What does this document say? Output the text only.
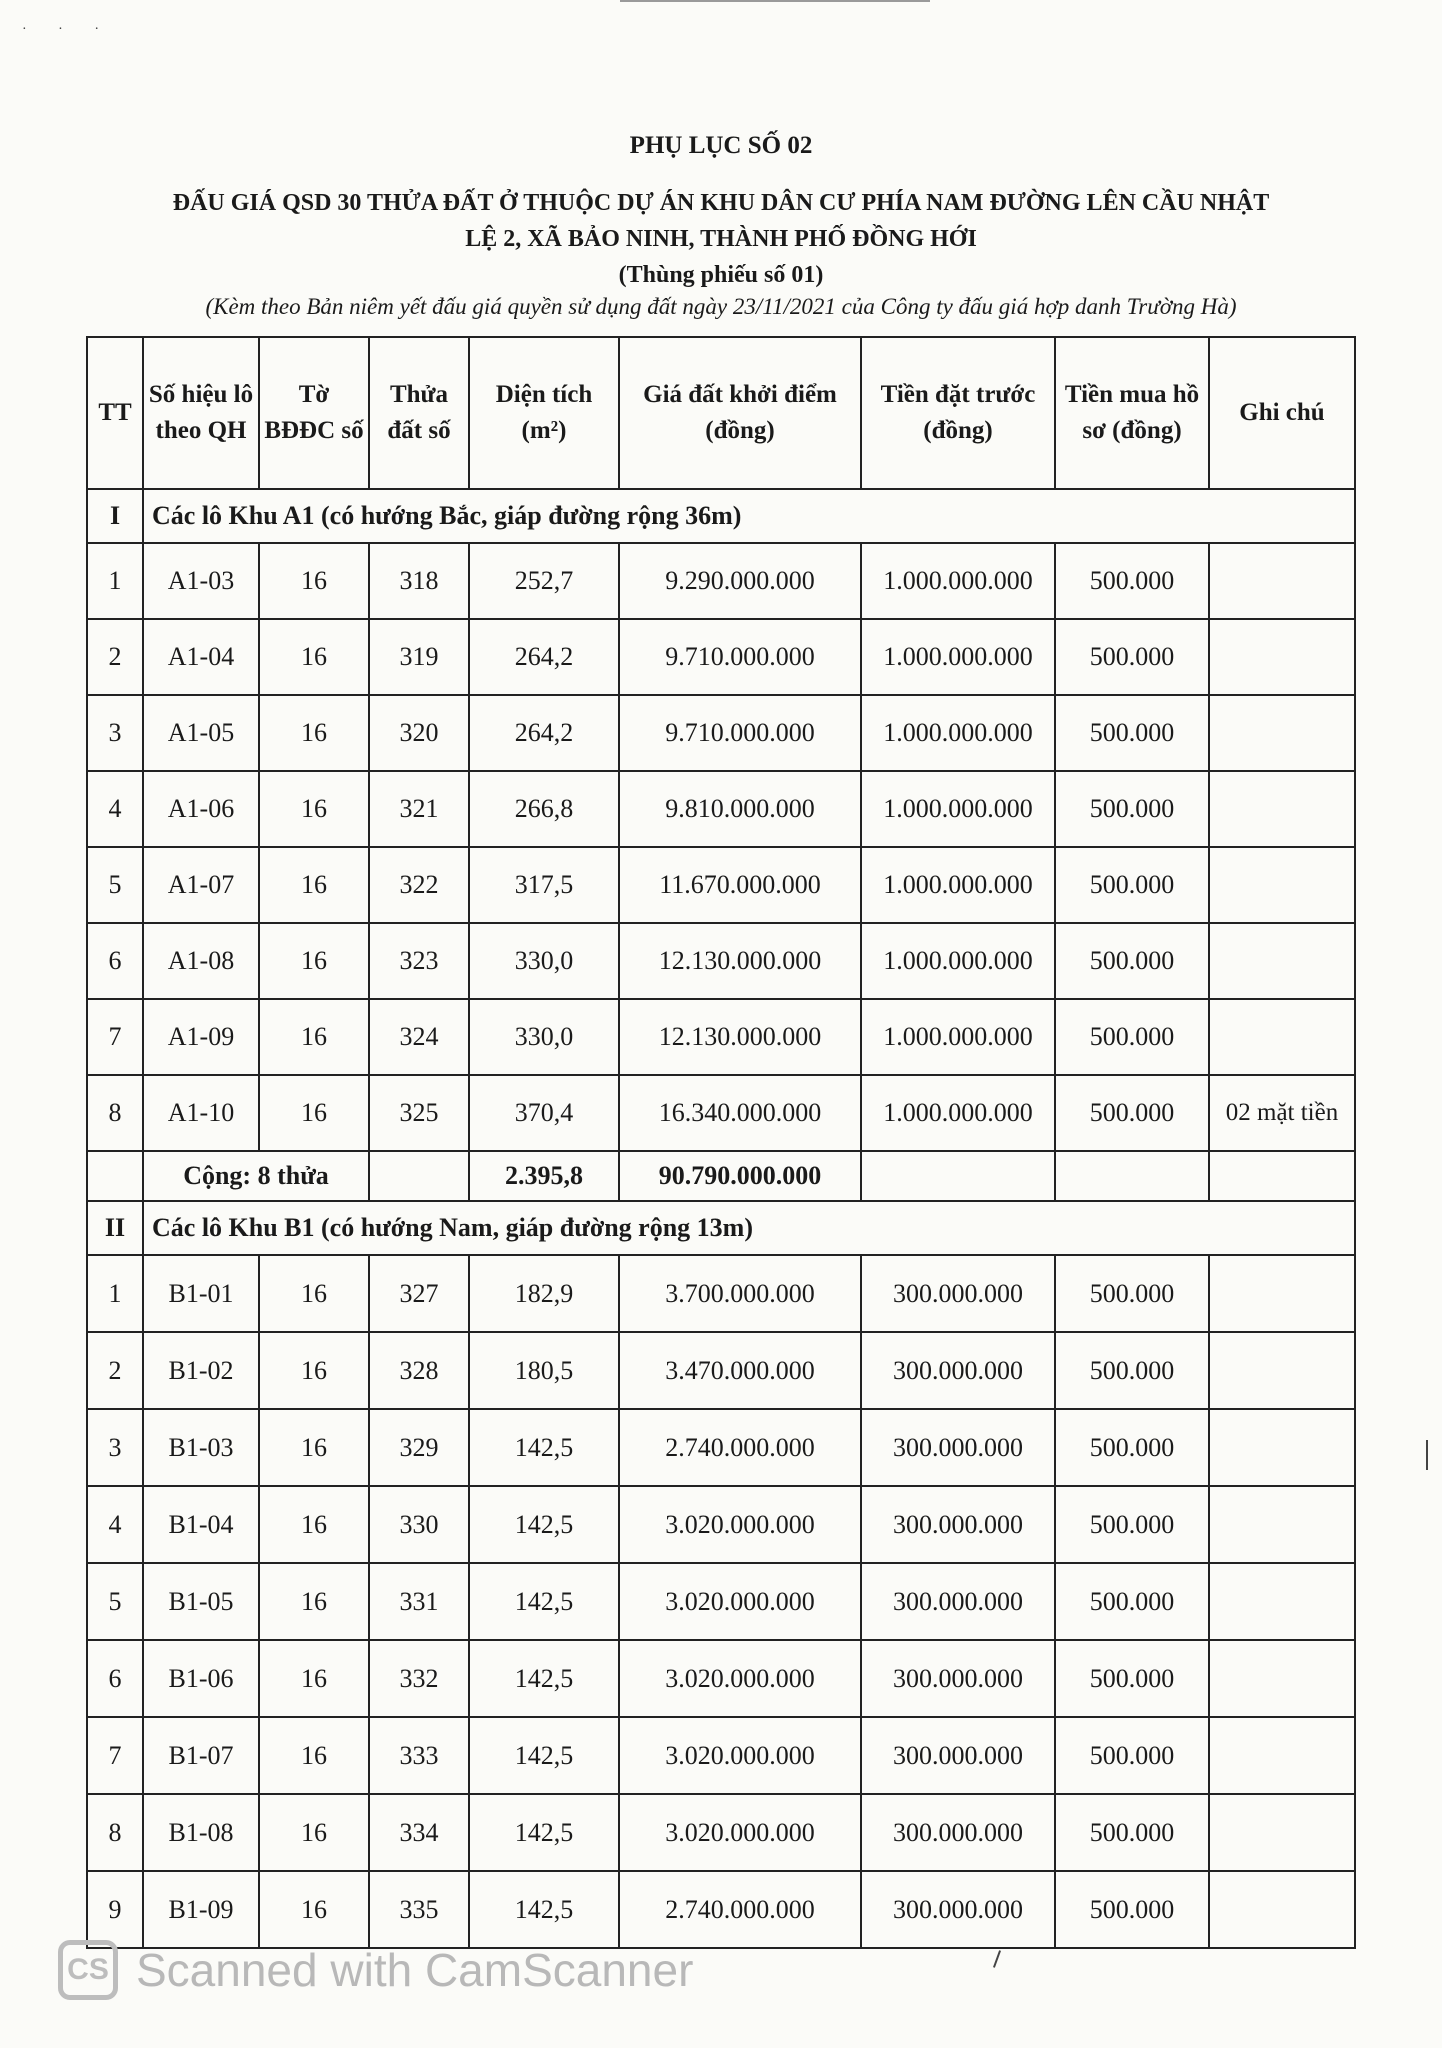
· · ·
PHỤ LỤC SỐ 02
ĐẤU GIÁ QSD 30 THỬA ĐẤT Ở THUỘC DỰ ÁN KHU DÂN CƯ PHÍA NAM ĐƯỜNG LÊN CẦU NHẬT
LỆ 2, XÃ BẢO NINH, THÀNH PHỐ ĐỒNG HỚI
(Thùng phiếu số 01)
(Kèm theo Bản niêm yết đấu giá quyền sử dụng đất ngày 23/11/2021 của Công ty đấu giá hợp danh Trường Hà)
TT	Số hiệu lô theo QH	Tờ BĐĐC số	Thửa đất số	Diện tích (m²)	Giá đất khởi điểm (đồng)	Tiền đặt trước (đồng)	Tiền mua hồ sơ (đồng)	Ghi chú
I	Các lô Khu A1 (có hướng Bắc, giáp đường rộng 36m)							
1	A1-03	16	318	252,7	9.290.000.000	1.000.000.000	500.000	
2	A1-04	16	319	264,2	9.710.000.000	1.000.000.000	500.000	
3	A1-05	16	320	264,2	9.710.000.000	1.000.000.000	500.000	
4	A1-06	16	321	266,8	9.810.000.000	1.000.000.000	500.000	
5	A1-07	16	322	317,5	11.670.000.000	1.000.000.000	500.000	
6	A1-08	16	323	330,0	12.130.000.000	1.000.000.000	500.000	
7	A1-09	16	324	330,0	12.130.000.000	1.000.000.000	500.000	
8	A1-10	16	325	370,4	16.340.000.000	1.000.000.000	500.000	02 mặt tiền
	Cộng: 8 thửa			2.395,8	90.790.000.000			
II	Các lô Khu B1 (có hướng Nam, giáp đường rộng 13m)							
1	B1-01	16	327	182,9	3.700.000.000	300.000.000	500.000	
2	B1-02	16	328	180,5	3.470.000.000	300.000.000	500.000	
3	B1-03	16	329	142,5	2.740.000.000	300.000.000	500.000	
4	B1-04	16	330	142,5	3.020.000.000	300.000.000	500.000	
5	B1-05	16	331	142,5	3.020.000.000	300.000.000	500.000	
6	B1-06	16	332	142,5	3.020.000.000	300.000.000	500.000	
7	B1-07	16	333	142,5	3.020.000.000	300.000.000	500.000	
8	B1-08	16	334	142,5	3.020.000.000	300.000.000	500.000	
9	B1-09	16	335	142,5	2.740.000.000	300.000.000	500.000	
CS Scanned with CamScanner
